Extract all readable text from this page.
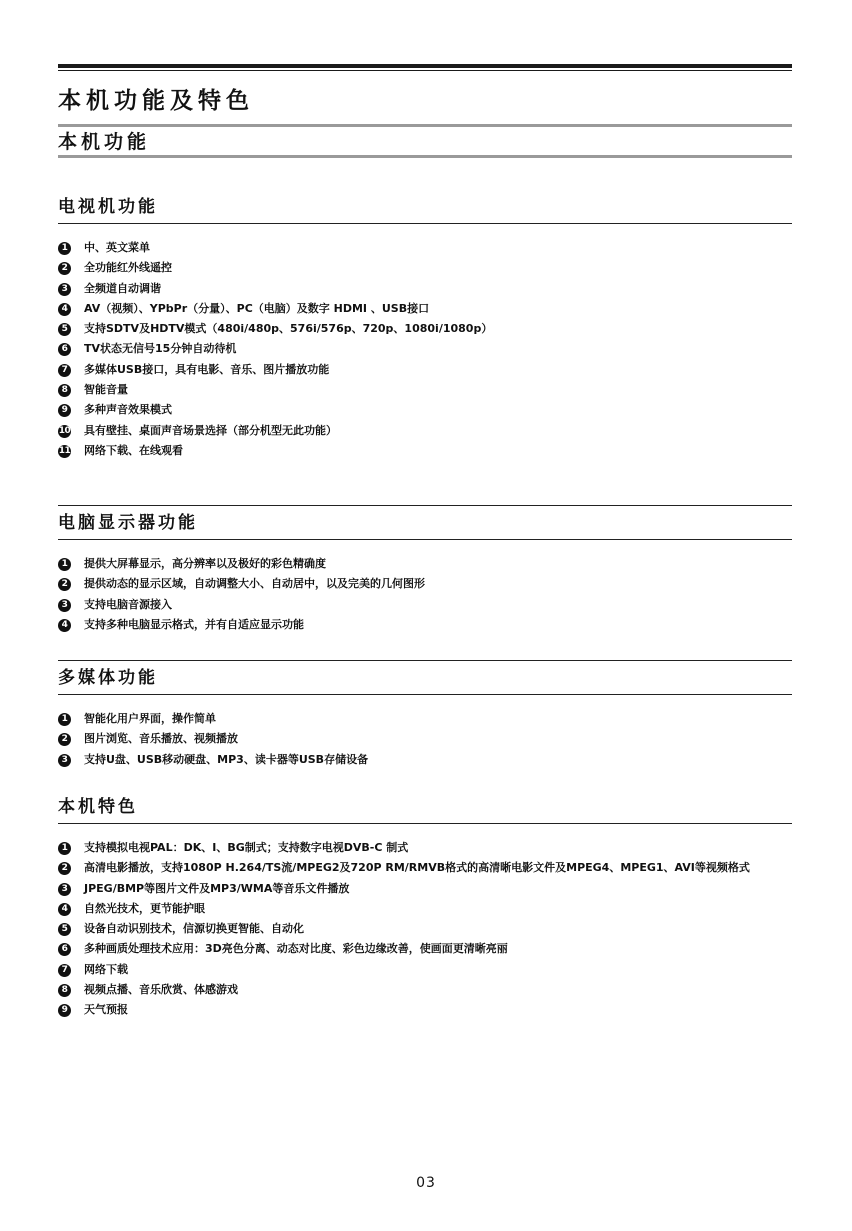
本机功能及特色
本机功能
电视机功能
1	中、英文菜单
2	全功能红外线遥控
3	全频道自动调谐
4	AV（视频）、YPbPr（分量）、PC（电脑）及数字 HDMI 、USB接口
5	支持SDTV及HDTV模式（480i/480p、576i/576p、720p、1080i/1080p）
6	TV状态无信号15分钟自动待机
7	多媒体USB接口，具有电影、音乐、图片播放功能
8	智能音量
9	多种声音效果模式
10 具有壁挂、桌面声音场景选择（部分机型无此功能）
11 网络下载、在线观看
电脑显示器功能
1	提供大屏幕显示，高分辨率以及极好的彩色精确度
2	提供动态的显示区域，自动调整大小、自动居中，以及完美的几何图形
3	支持电脑音源接入
4	支持多种电脑显示格式，并有自适应显示功能
多媒体功能
1	智能化用户界面，操作简单
2	图片浏览、音乐播放、视频播放
3	支持U盘、USB移动硬盘、MP3、读卡器等USB存储设备
本机特色
1	支持模拟电视PAL：DK、I、BG制式；支持数字电视DVB-C 制式
2	高清电影播放，支持1080P H.264/TS流/MPEG2及720P RM/RMVB格式的高清晰电影文件及MPEG4、MPEG1、AVI等视频格式
3	JPEG/BMP等图片文件及MP3/WMA等音乐文件播放
4	自然光技术，更节能护眼
5	设备自动识别技术，信源切换更智能、自动化
6	多种画质处理技术应用：3D亮色分离、动态对比度、彩色边缘改善，使画面更清晰亮丽
7	网络下载
8	视频点播、音乐欣赏、体感游戏
9	天气预报
03
